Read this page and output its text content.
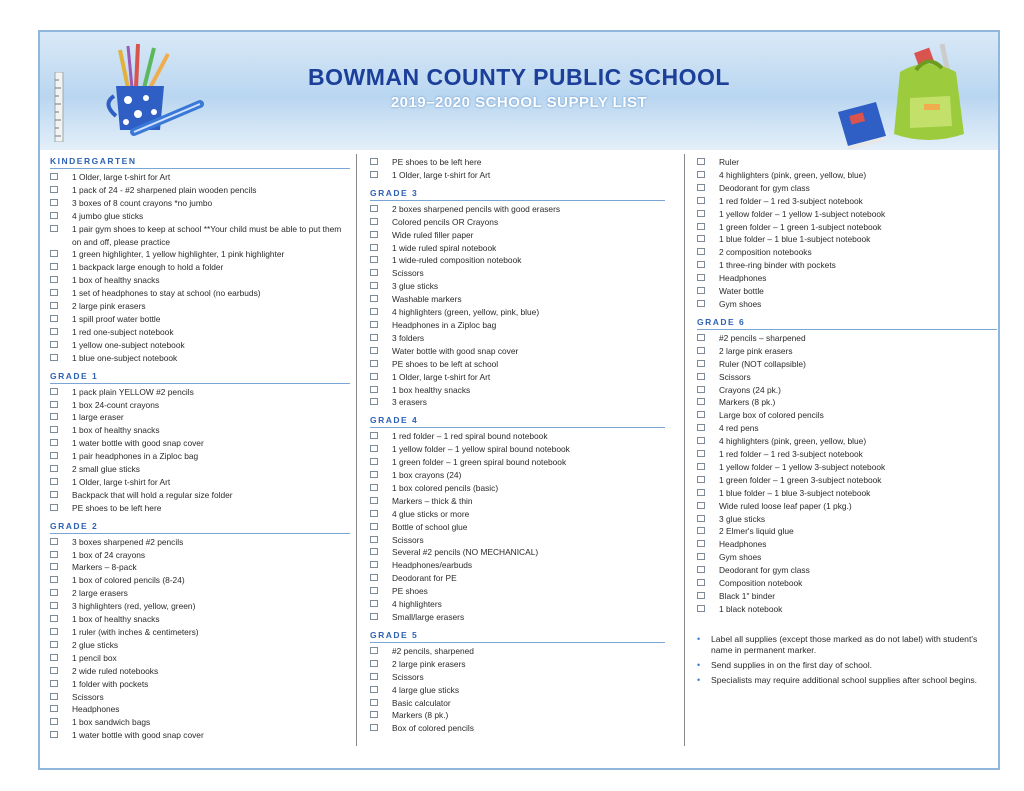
BOWMAN COUNTY PUBLIC SCHOOL
2019–2020 SCHOOL SUPPLY LIST
KINDERGARTEN
1 Older, large t-shirt for Art
1 pack of 24 - #2 sharpened plain wooden pencils
3 boxes of 8 count crayons *no jumbo
4 jumbo glue sticks
1 pair gym shoes to keep at school **Your child must be able to put them on and off, please practice
1 green highlighter, 1 yellow highlighter, 1 pink highlighter
1 backpack large enough to hold a folder
1 box of healthy snacks
1 set of headphones to stay at school (no earbuds)
2 large pink erasers
1 spill proof water bottle
1 red one-subject notebook
1 yellow one-subject notebook
1 blue one-subject notebook
GRADE 1
1 pack plain YELLOW #2 pencils
1 box 24-count crayons
1 large eraser
1 box of healthy snacks
1 water bottle with good snap cover
1 pair headphones in a Ziploc bag
2 small glue sticks
1 Older, large t-shirt for Art
Backpack that will hold a regular size folder
PE shoes to be left here
GRADE 2
3 boxes sharpened #2 pencils
1 box of 24 crayons
Markers – 8-pack
1 box of colored pencils (8-24)
2 large erasers
3 highlighters (red, yellow, green)
1 box of healthy snacks
1 ruler (with inches & centimeters)
2 glue sticks
1 pencil box
2 wide ruled notebooks
1 folder with pockets
Scissors
Headphones
1 box sandwich bags
1 water bottle with good snap cover
PE shoes to be left here
1 Older, large t-shirt for Art
GRADE 3
2 boxes sharpened pencils with good erasers
Colored pencils OR Crayons
Wide ruled filler paper
1 wide ruled spiral notebook
1 wide-ruled composition notebook
Scissors
3 glue sticks
Washable markers
4 highlighters (green, yellow, pink, blue)
Headphones in a Ziploc bag
3 folders
Water bottle with good snap cover
PE shoes to be left at school
1 Older, large t-shirt for Art
1 box healthy snacks
3 erasers
GRADE 4
1 red folder – 1 red spiral bound notebook
1 yellow folder – 1 yellow spiral bound notebook
1 green folder – 1 green spiral bound notebook
1 box crayons (24)
1 box colored pencils (basic)
Markers – thick & thin
4 glue sticks or more
Bottle of school glue
Scissors
Several #2 pencils (NO MECHANICAL)
Headphones/earbuds
Deodorant for PE
PE shoes
4 highlighters
Small/large erasers
GRADE 5
#2 pencils, sharpened
2 large pink erasers
Scissors
4 large glue sticks
Basic calculator
Markers (8 pk.)
Box of colored pencils
Ruler
4 highlighters (pink, green, yellow, blue)
Deodorant for gym class
1 red folder – 1 red 3-subject notebook
1 yellow folder – 1 yellow 1-subject notebook
1 green folder – 1 green 1-subject notebook
1 blue folder – 1 blue 1-subject notebook
2 composition notebooks
1 three-ring binder with pockets
Headphones
Water bottle
Gym shoes
GRADE 6
#2 pencils – sharpened
2 large pink erasers
Ruler (NOT collapsible)
Scissors
Crayons (24 pk.)
Markers (8 pk.)
Large box of colored pencils
4 red pens
4 highlighters (pink, green, yellow, blue)
1 red folder – 1 red 3-subject notebook
1 yellow folder – 1 yellow 3-subject notebook
1 green folder – 1 green 3-subject notebook
1 blue folder – 1 blue 3-subject notebook
Wide ruled loose leaf paper (1 pkg.)
3 glue sticks
2 Elmer's liquid glue
Headphones
Gym shoes
Deodorant for gym class
Composition notebook
Black 1" binder
1 black notebook
•	Label all supplies (except those marked as do not label) with student's name in permanent marker.
•	Send supplies in on the first day of school.
•	Specialists may require additional school supplies after school begins.
